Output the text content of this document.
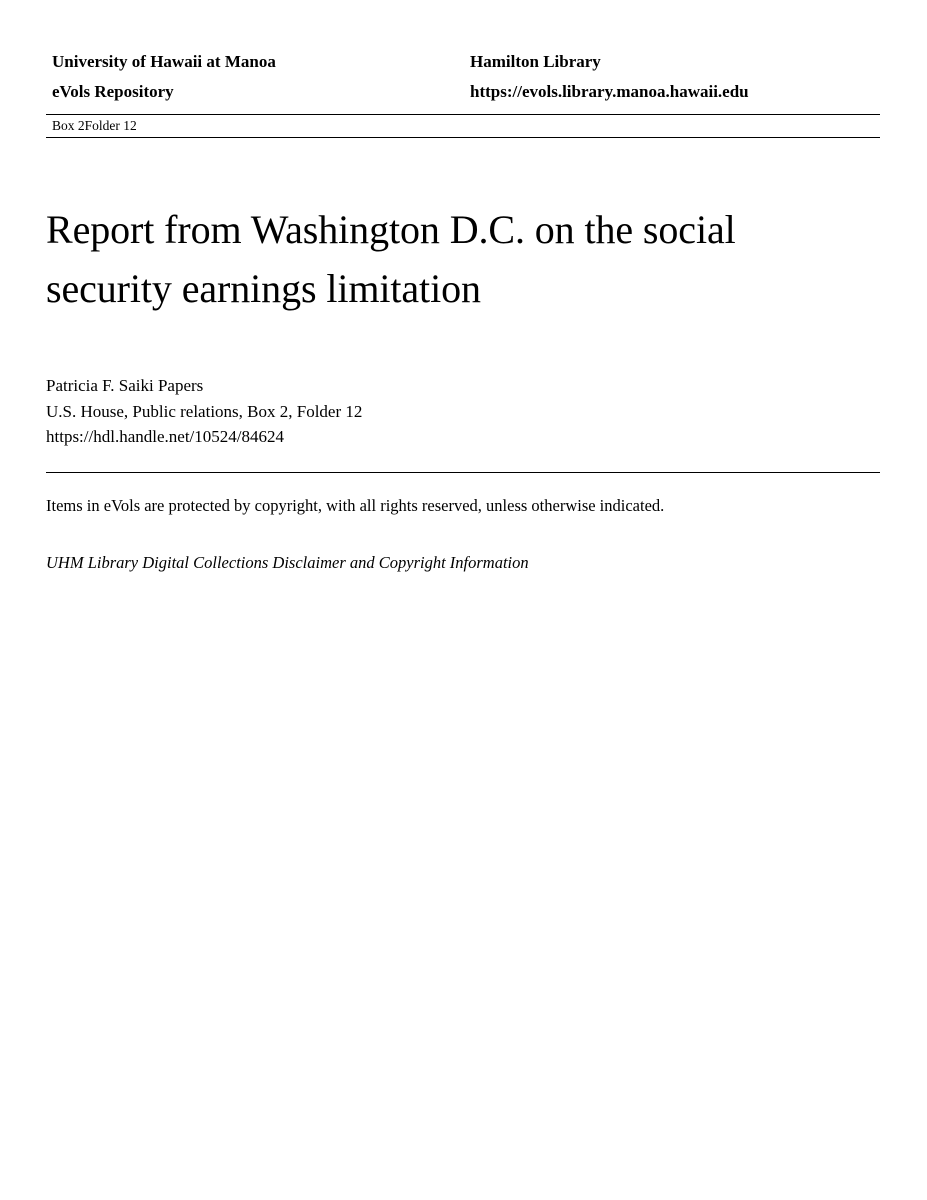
University of Hawaii at Manoa	Hamilton Library
eVols Repository	https://evols.library.manoa.hawaii.edu
Box 2 Folder 12
Report from Washington D.C. on the social security earnings limitation
Patricia F. Saiki Papers
U.S. House, Public relations, Box 2, Folder 12
https://hdl.handle.net/10524/84624
Items in eVols are protected by copyright, with all rights reserved, unless otherwise indicated.
UHM Library Digital Collections Disclaimer and Copyright Information
